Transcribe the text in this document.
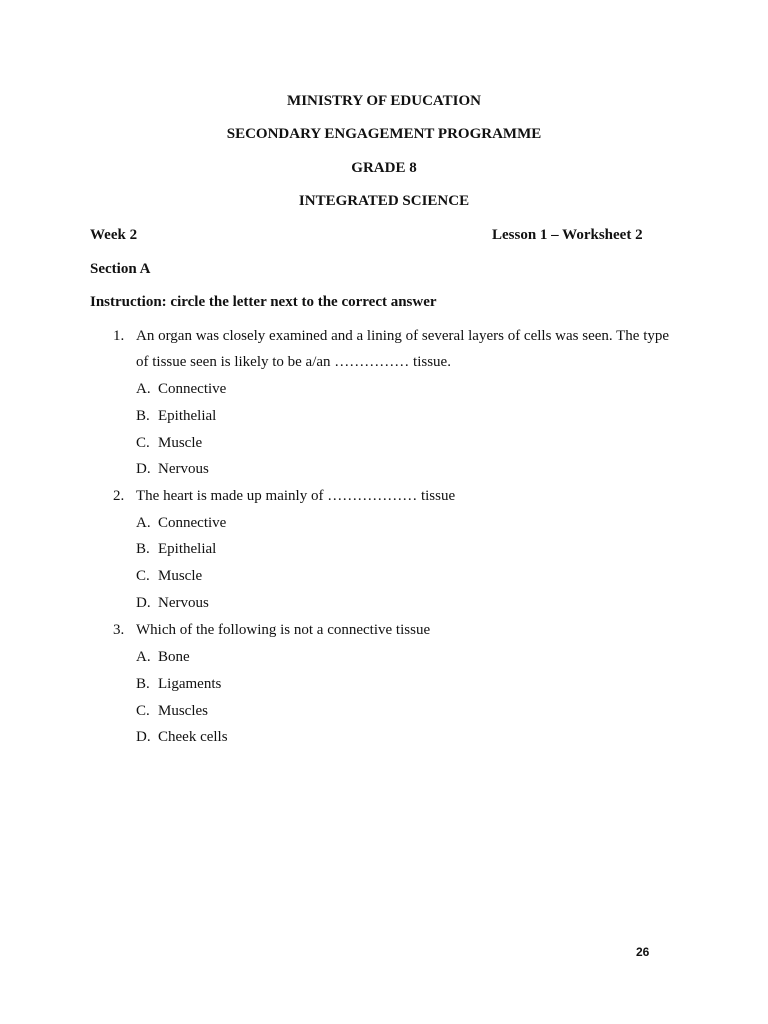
MINISTRY OF EDUCATION
SECONDARY ENGAGEMENT PROGRAMME
GRADE 8
INTEGRATED SCIENCE
Week 2	Lesson 1 – Worksheet 2
Section A
Instruction: circle the letter next to the correct answer
1. An organ was closely examined and a lining of several layers of cells was seen. The type
of tissue seen is likely to be a/an …………… tissue.
A. Connective
B. Epithelial
C. Muscle
D. Nervous
2. The heart is made up mainly of ……………… tissue
A. Connective
B. Epithelial
C. Muscle
D. Nervous
3. Which of the following is not a connective tissue
A. Bone
B. Ligaments
C. Muscles
D. Cheek cells
26
